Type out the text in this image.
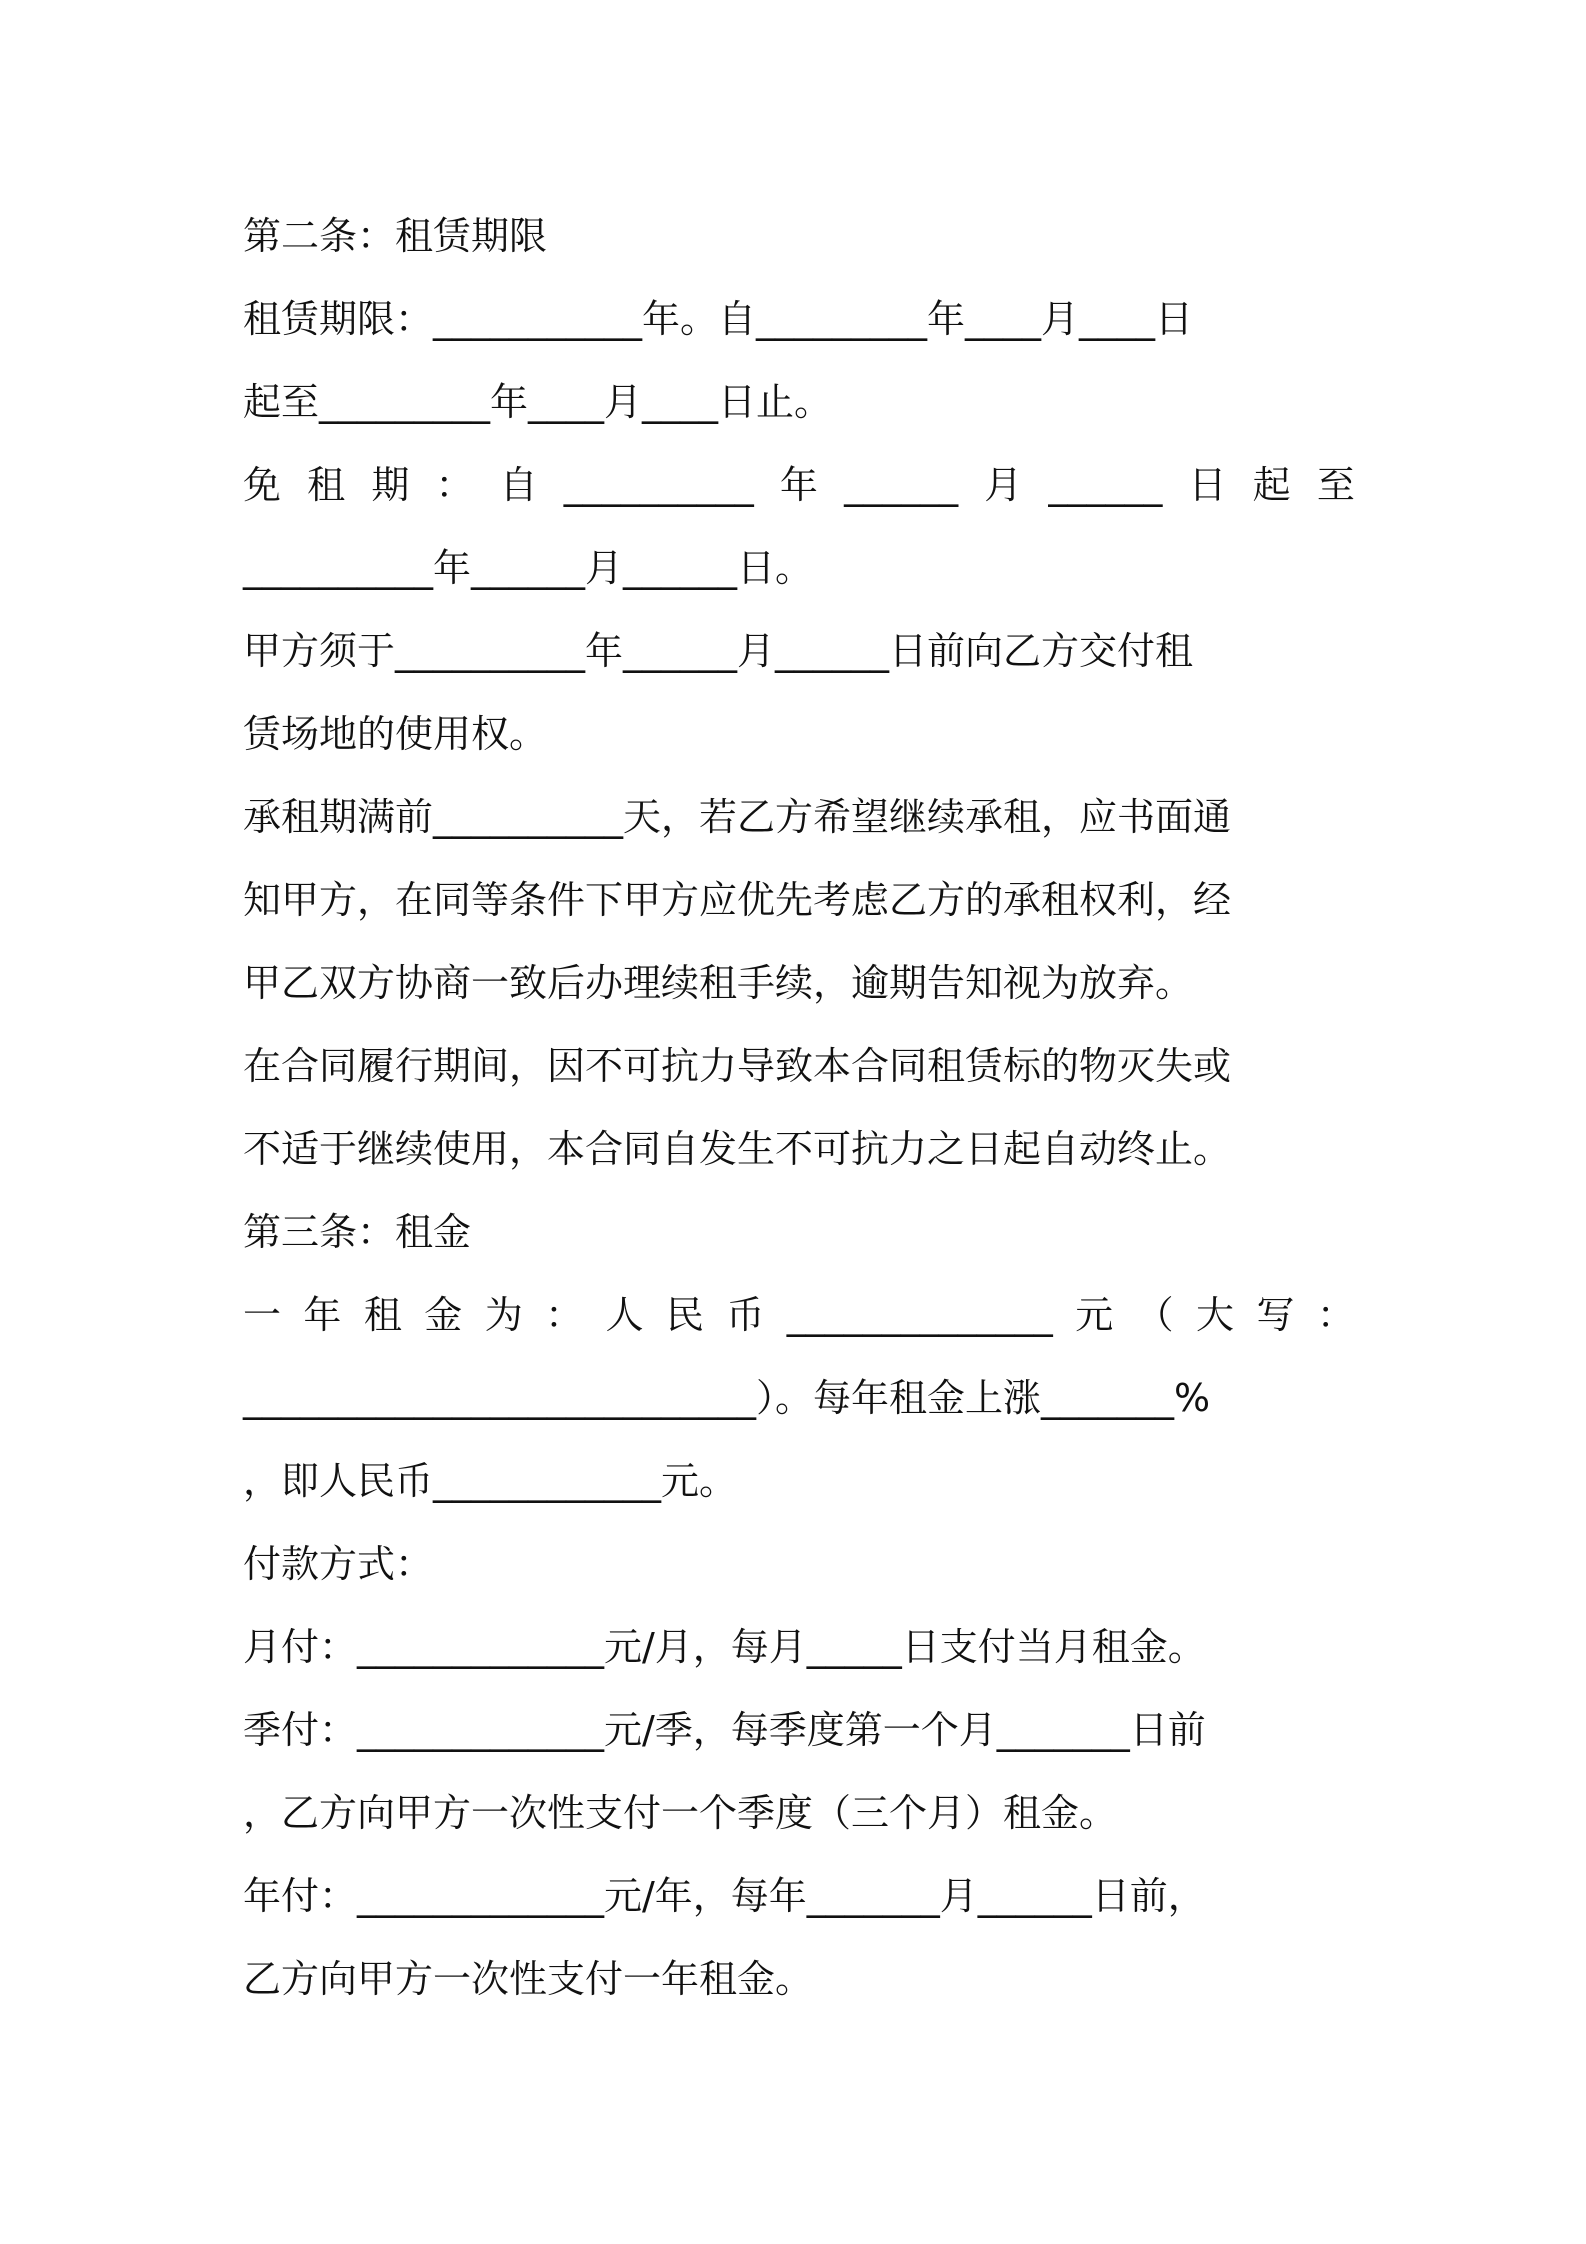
第二条：租赁期限
租赁期限：___________年。自_________年____月____日
起至_________年____月____日止。
免 租 期 ： 自 __________ 年 ______ 月 ______ 日 起 至
__________年______月______日。
甲方须于__________年______月______日前向乙方交付租
赁场地的使用权。
承租期满前__________天，若乙方希望继续承租，应书面通
知甲方，在同等条件下甲方应优先考虑乙方的承租权利，经
甲乙双方协商一致后办理续租手续，逾期告知视为放弃。
在合同履行期间，因不可抗力导致本合同租赁标的物灭失或
不适于继续使用，本合同自发生不可抗力之日起自动终止。
第三条：租金
一 年 租 金 为 ： 人 民 币 ______________ 元 （ 大 写 ：
___________________________）。每年租金上涨_______%
，即人民币____________元。
付款方式：
月付：_____________元/月，每月_____日支付当月租金。
季付：_____________元/季，每季度第一个月_______日前
，乙方向甲方一次性支付一个季度（三个月）租金。
年付：_____________元/年，每年_______月______日前，
乙方向甲方一次性支付一年租金。
